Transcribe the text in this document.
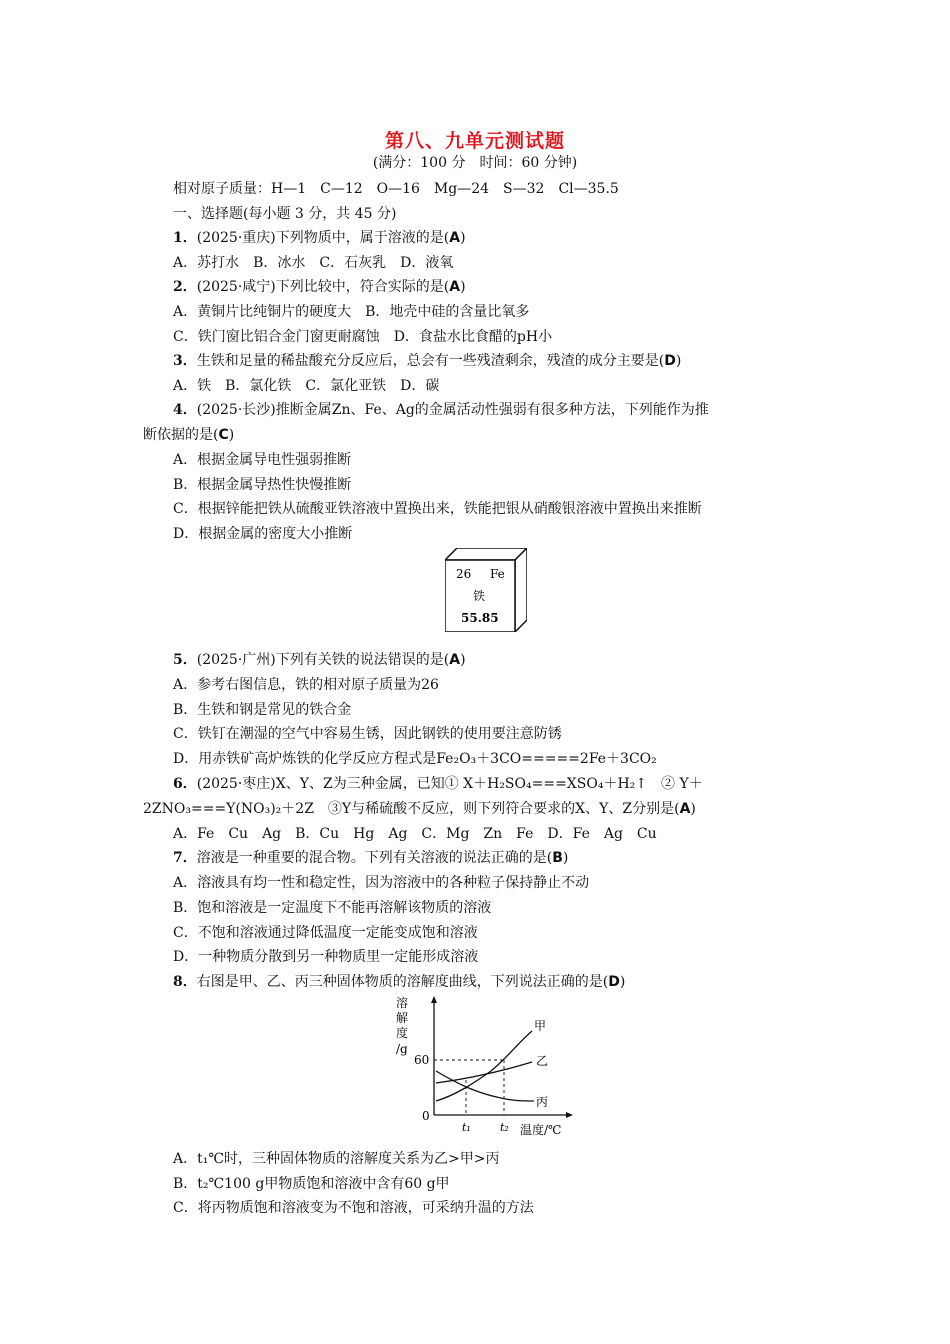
第八、九单元测试题
(满分：100 分　时间：60 分钟)
相对原子质量：H—1　C—12　O—16　Mg—24　S—32　Cl—35.5
一、选择题(每小题 3 分，共 45 分)
1．(2025·重庆)下列物质中，属于溶液的是(A)
A．苏打水　B．冰水　C．石灰乳　D．液氧
2．(2025·咸宁)下列比较中，符合实际的是(A)
A．黄铜片比纯铜片的硬度大　B．地壳中硅的含量比氧多
C．铁门窗比铝合金门窗更耐腐蚀　D．食盐水比食醋的pH小
3．生铁和足量的稀盐酸充分反应后，总会有一些残渣剩余，残渣的成分主要是(D)
A．铁　B．氯化铁　C．氯化亚铁　D．碳
4．(2025·长沙)推断金属Zn、Fe、Ag的金属活动性强弱有很多种方法，下列能作为推
断依据的是(C)
A．根据金属导电性强弱推断
B．根据金属导热性快慢推断
C．根据锌能把铁从硫酸亚铁溶液中置换出来，铁能把银从硝酸银溶液中置换出来推断
D．根据金属的密度大小推断
26 Fe
铁
55.85
5．(2025·广州)下列有关铁的说法错误的是(A)
A．参考右图信息，铁的相对原子质量为26
B．生铁和钢是常见的铁合金
C．铁钉在潮湿的空气中容易生锈，因此钢铁的使用要注意防锈
D．用赤铁矿高炉炼铁的化学反应方程式是Fe₂O₃＋3CO=====2Fe＋3CO₂
6．(2025·枣庄)X、Y、Z为三种金属，已知① X＋H₂SO₄===XSO₄＋H₂↑　② Y＋
2ZNO₃===Y(NO₃)₂＋2Z　③Y与稀硫酸不反应，则下列符合要求的X、Y、Z分别是(A)
A．Fe　Cu　Ag　B．Cu　Hg　Ag　C．Mg　Zn　Fe　D．Fe　Ag　Cu
7．溶液是一种重要的混合物。下列有关溶液的说法正确的是(B)
A．溶液具有均一性和稳定性，因为溶液中的各种粒子保持静止不动
B．饱和溶液是一定温度下不能再溶解该物质的溶液
C．不饱和溶液通过降低温度一定能变成饱和溶液
D．一种物质分散到另一种物质里一定能形成溶液
8．右图是甲、乙、丙三种固体物质的溶解度曲线，下列说法正确的是(D)
溶
解
度
/g
0
60
t₁	t₂
甲
乙
丙
温度/℃
A．t₁℃时，三种固体物质的溶解度关系为乙>甲>丙
B．t₂℃100 g甲物质饱和溶液中含有60 g甲
C．将丙物质饱和溶液变为不饱和溶液，可采纳升温的方法
